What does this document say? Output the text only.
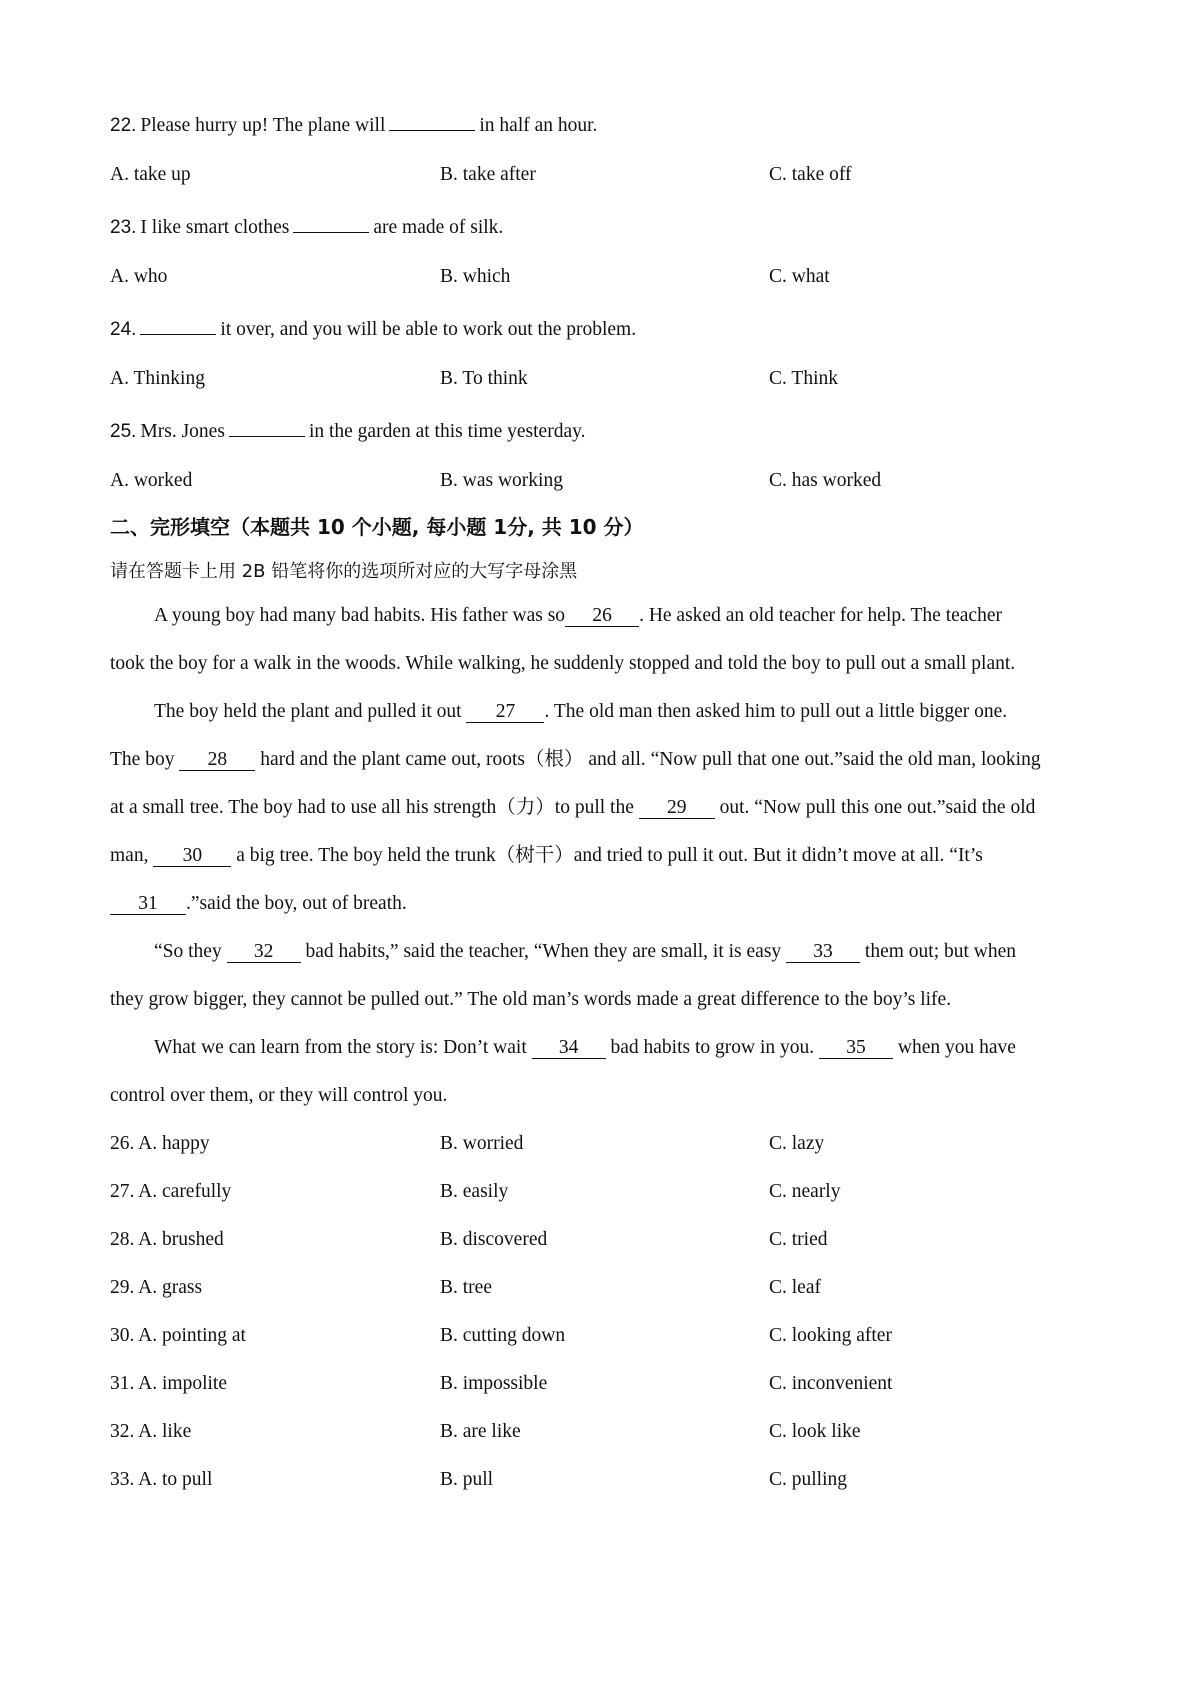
22. Please hurry up! The plane will	in half an hour.
A. take up	B. take after	C. take off
23. I like smart clothes	are made of silk.
A. who	B. which	C. what
24.	it over, and you will be able to work out the problem.
A. Thinking	B. To think	C. Think
25. Mrs. Jones	in the garden at this time yesterday.
A. worked	B. was working	C. has worked
二、完形填空（本题共 10 个小题, 每小题 1分, 共 10 分）
请在答题卡上用 2B 铅笔将你的选项所对应的大写字母涂黑
A young boy had many bad habits. His father was so 26 . He asked an old teacher for help. The teacher
took the boy for a walk in the woods. While walking, he suddenly stopped and told the boy to pull out a small plant.
The boy held the plant and pulled it out 27 . The old man then asked him to pull out a little bigger one.
The boy 28 hard and the plant came out, roots（根） and all. “Now pull that one out.”said the old man, looking
at a small tree. The boy had to use all his strength（力）to pull the 29 out. “Now pull this one out.”said the old
man, 30 a big tree. The boy held the trunk（树干）and tried to pull it out. But it didn’t move at all. “It’s
31 .”said the boy, out of breath.
“So they 32 bad habits,” said the teacher, “When they are small, it is easy 33 them out; but when
they grow bigger, they cannot be pulled out.” The old man’s words made a great difference to the boy’s life.
What we can learn from the story is: Don’t wait 34 bad habits to grow in you. 35 when you have
control over them, or they will control you.
26. A. happy	B. worried	C. lazy
27. A. carefully	B. easily	C. nearly
28. A. brushed	B. discovered	C. tried
29. A. grass	B. tree	C. leaf
30. A. pointing at	B. cutting down	C. looking after
31. A. impolite	B. impossible	C. inconvenient
32. A. like	B. are like	C. look like
33. A. to pull	B. pull	C. pulling
